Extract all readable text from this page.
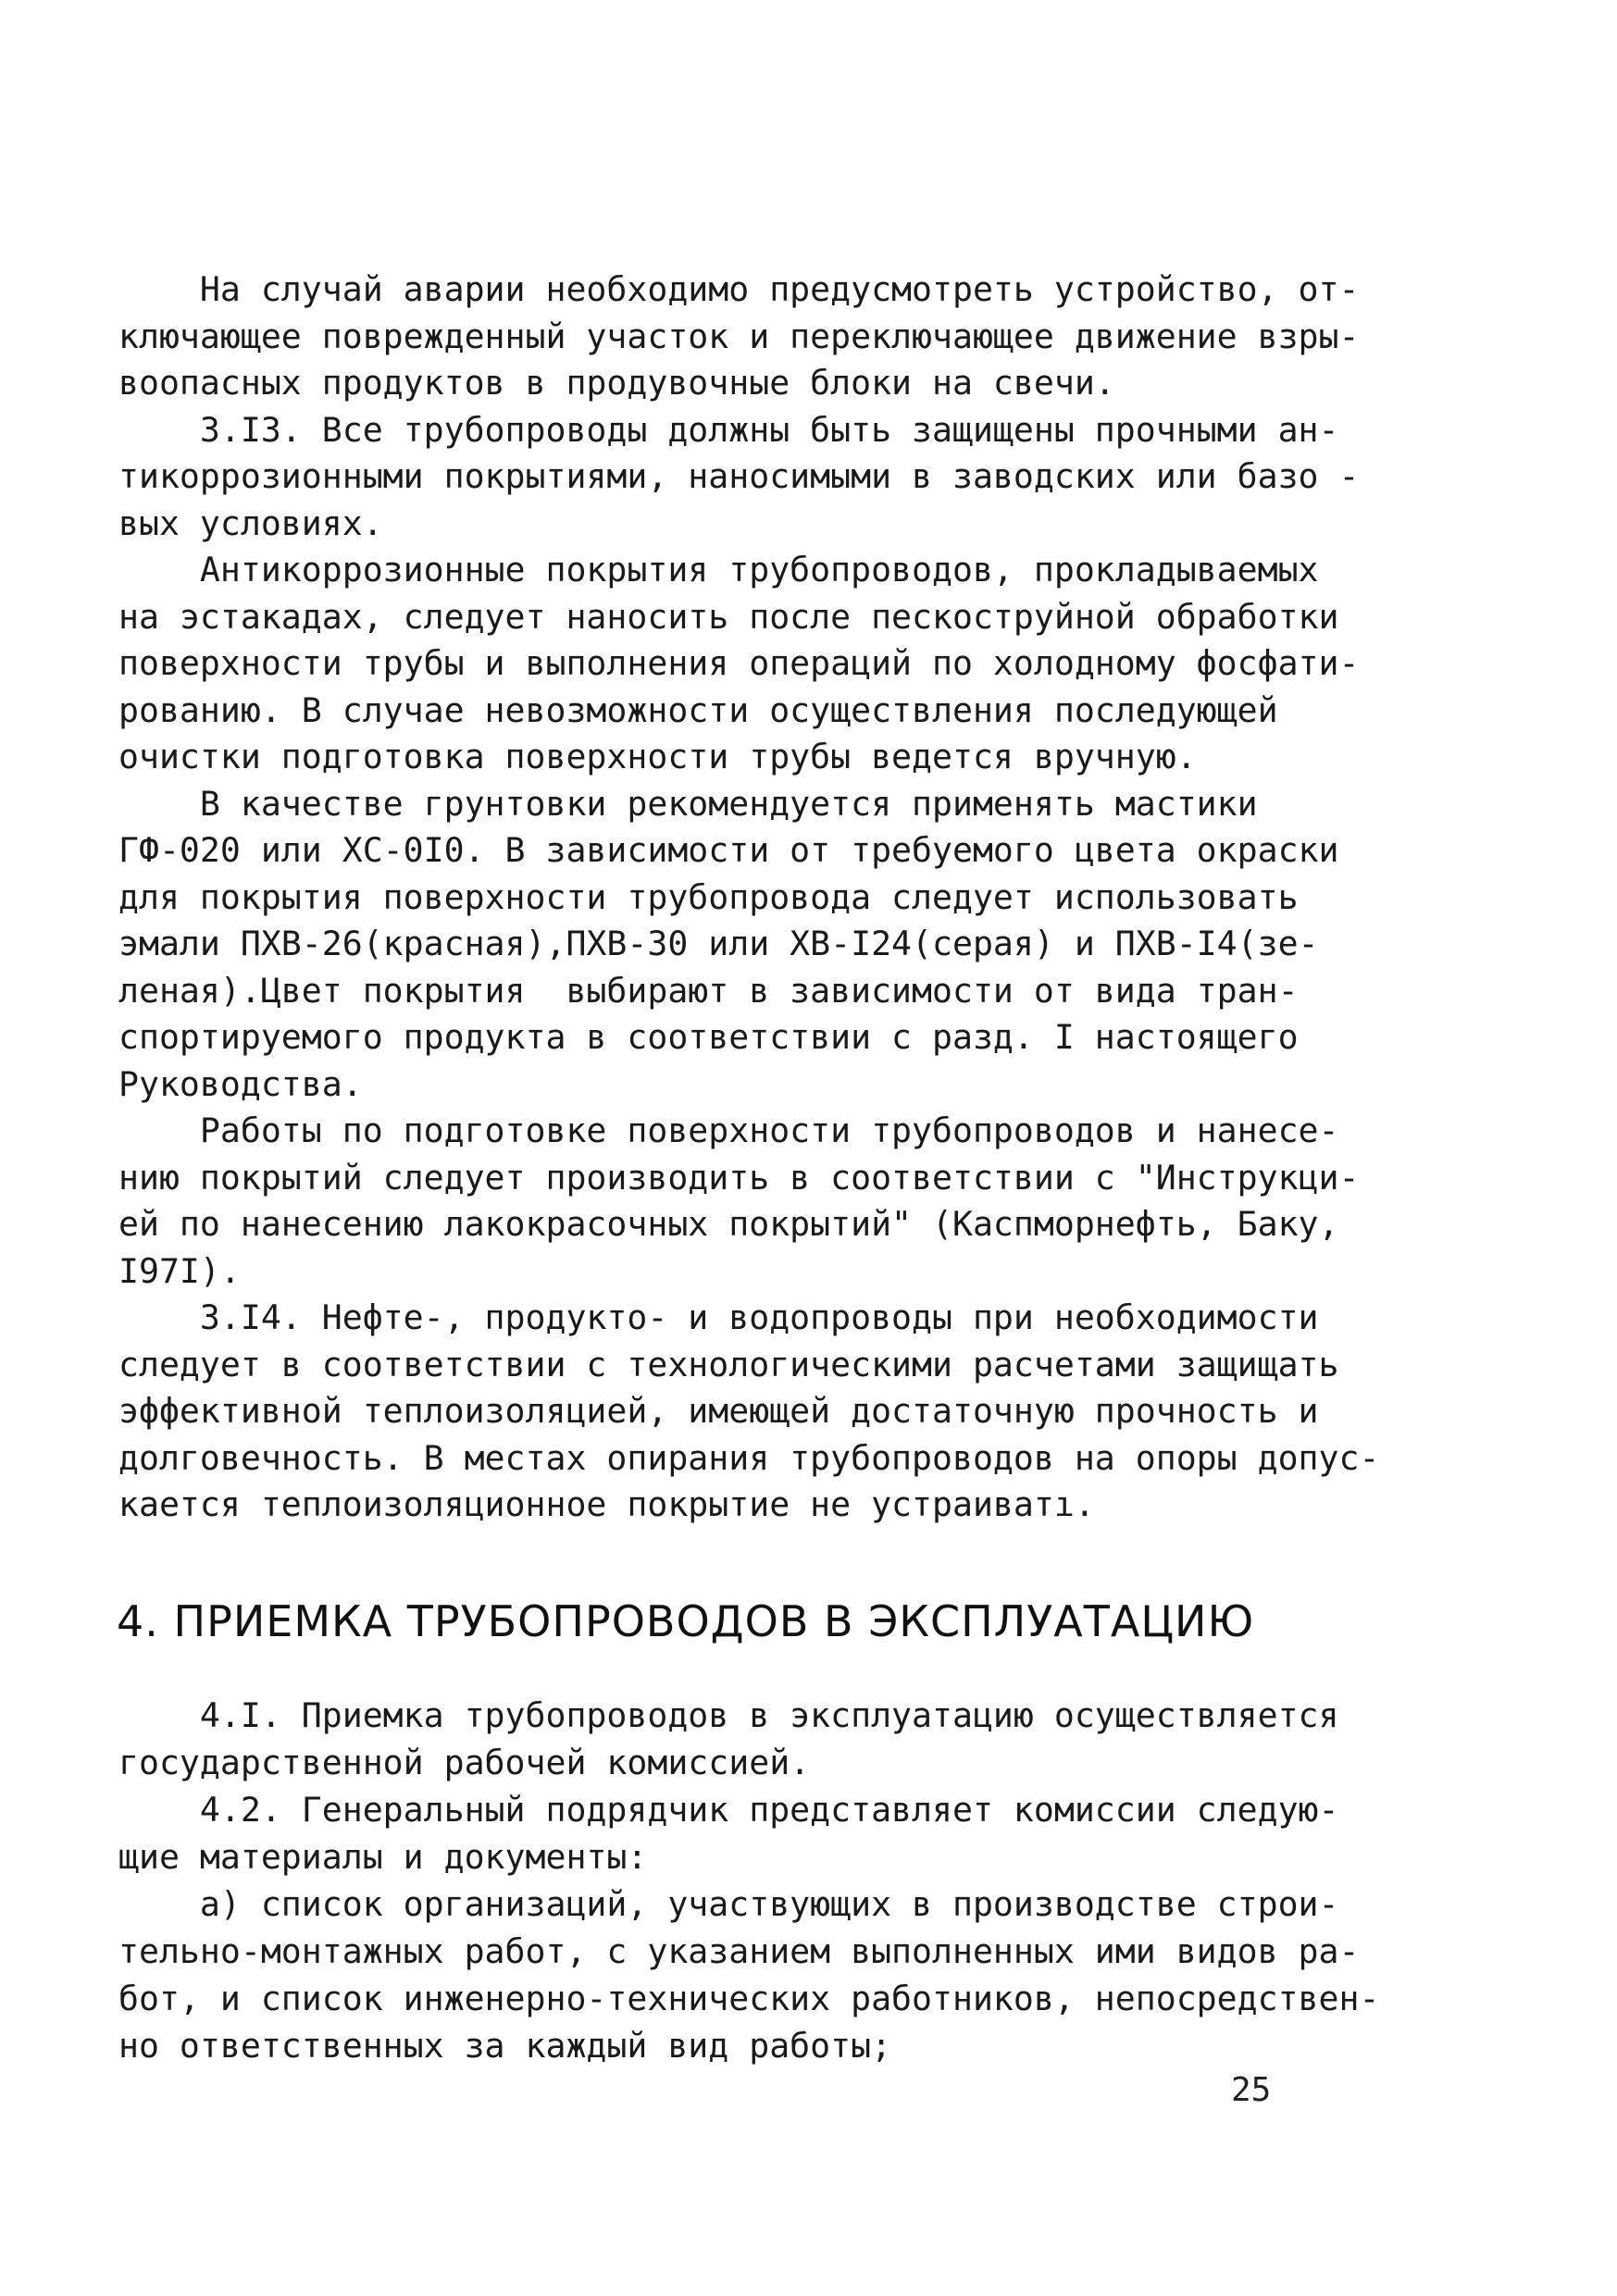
На случай аварии необходимо предусмотреть устройство, от-
ключающее поврежденный участок и переключающее движение взры-
воопасных продуктов в продувочные блоки на свечи.
3.I3. Все трубопроводы должны быть защищены прочными ан-
тикоррозионными покрытиями, наносимыми в заводских или базо -
вых условиях.
Антикоррозионные покрытия трубопроводов, прокладываемых
на эстакадах, следует наносить после пескоструйной обработки
поверхности трубы и выполнения операций по холодному фосфати-
рованию. В случае невозможности осуществления последующей
очистки подготовка поверхности трубы ведется вручную.
В качестве грунтовки рекомендуется применять мастики
ГФ-020 или ХС-0I0. В зависимости от требуемого цвета окраски
для покрытия поверхности трубопровода следует использовать
эмали ПХВ-26(красная),ПХВ-30 или ХВ-I24(серая) и ПХВ-I4(зе-
леная).Цвет покрытия  выбирают в зависимости от вида тран-
спортируемого продукта в соответствии с разд. I настоящего
Руководства.
Работы по подготовке поверхности трубопроводов и нанесе-
нию покрытий следует производить в соответствии с "Инструкци-
ей по нанесению лакокрасочных покрытий" (Каспморнефть, Баку,
I97I).
3.I4. Нефте-, продукто- и водопроводы при необходимости
следует в соответствии с технологическими расчетами защищать
эффективной теплоизоляцией, имеющей достаточную прочность и
долговечность. В местах опирания трубопроводов на опоры допус-
кается теплоизоляционное покрытие не устраиватı.
4. ПРИЕМКА ТРУБОПРОВОДОВ В ЭКСПЛУАТАЦИЮ
4.I. Приемка трубопроводов в эксплуатацию осуществляется
государственной рабочей комиссией.
4.2. Генеральный подрядчик представляет комиссии следую-
щие материалы и документы:
а) список организаций, участвующих в производстве строи-
тельно-монтажных работ, с указанием выполненных ими видов ра-
бот, и список инженерно-технических работников, непосредствен-
но ответственных за каждый вид работы;
25
